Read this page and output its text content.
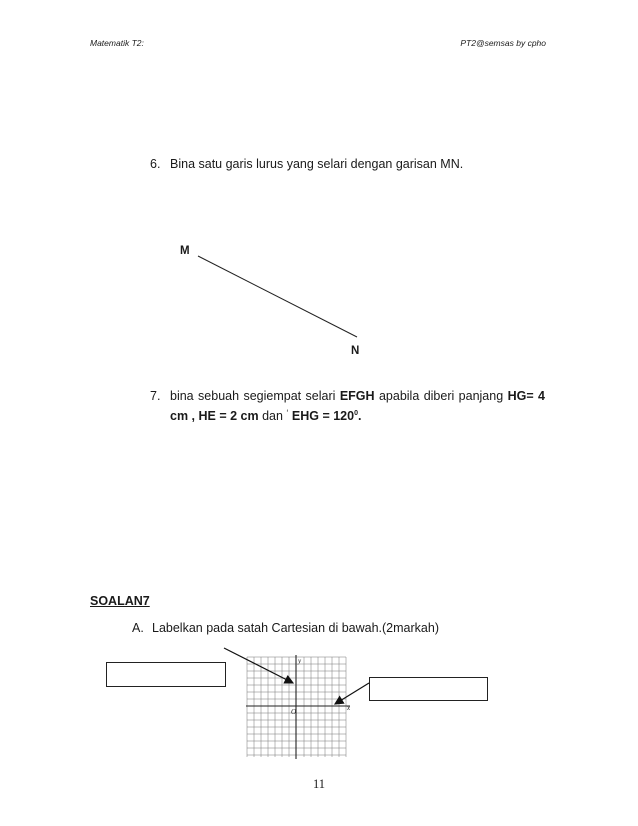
Matematik T2:	PT2@semsas by cpho
6. Bina satu garis lurus yang selari dengan garisan MN.
M
N
7. bina sebuah segiempat selari EFGH apabila diberi panjang HG= 4
cm , HE = 2 cm dan ‘ EHG = $120^0$.
SOALAN7
A. Labelkan pada satah Cartesian di bawah.(2markah)
y
x
O
11
